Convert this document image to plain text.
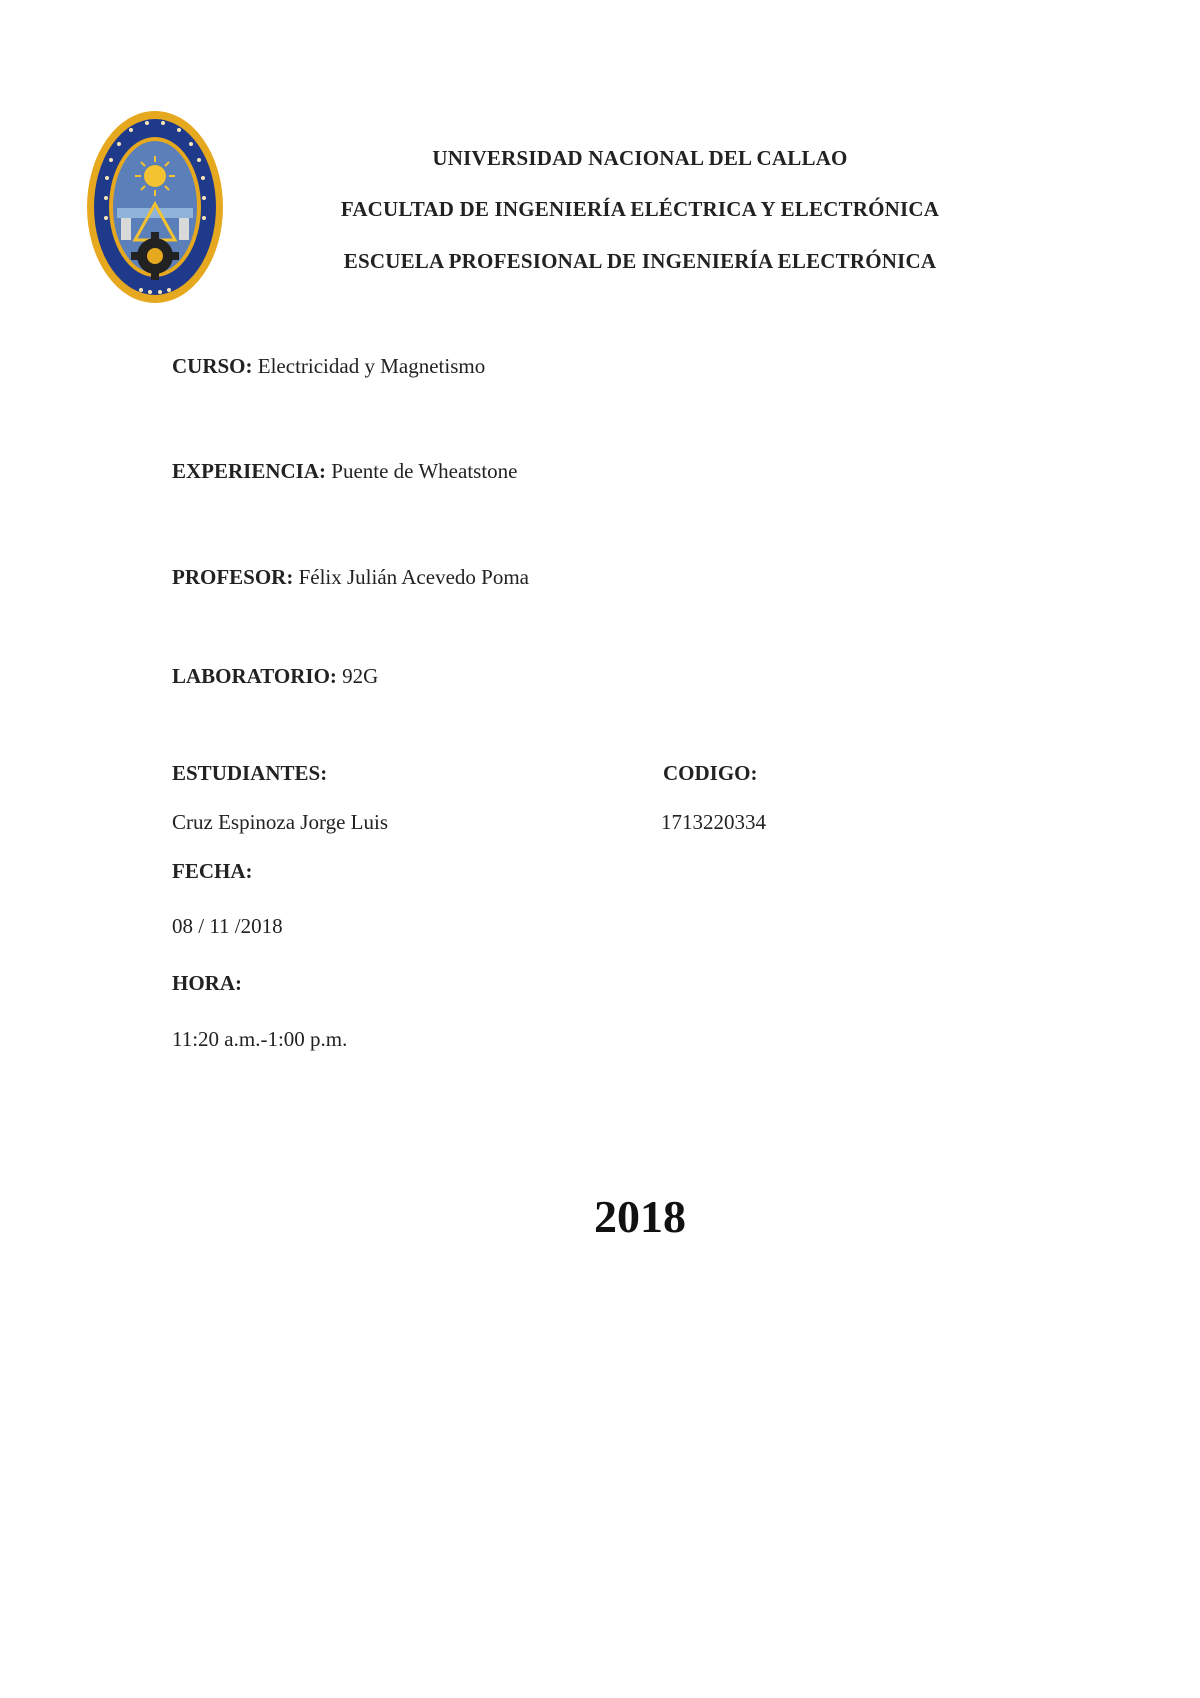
UNIVERSIDAD NACIONAL DEL CALLAO
FACULTAD DE INGENIERÍA ELÉCTRICA Y ELECTRÓNICA
ESCUELA PROFESIONAL DE INGENIERÍA ELECTRÓNICA
CURSO: Electricidad y Magnetismo
EXPERIENCIA: Puente de Wheatstone
PROFESOR: Félix Julián Acevedo Poma
LABORATORIO: 92G
ESTUDIANTES:	CODIGO:
Cruz Espinoza Jorge Luis	1713220334
FECHA:
08 / 11 /2018
HORA:
11:20 a.m.-1:00 p.m.
2018
